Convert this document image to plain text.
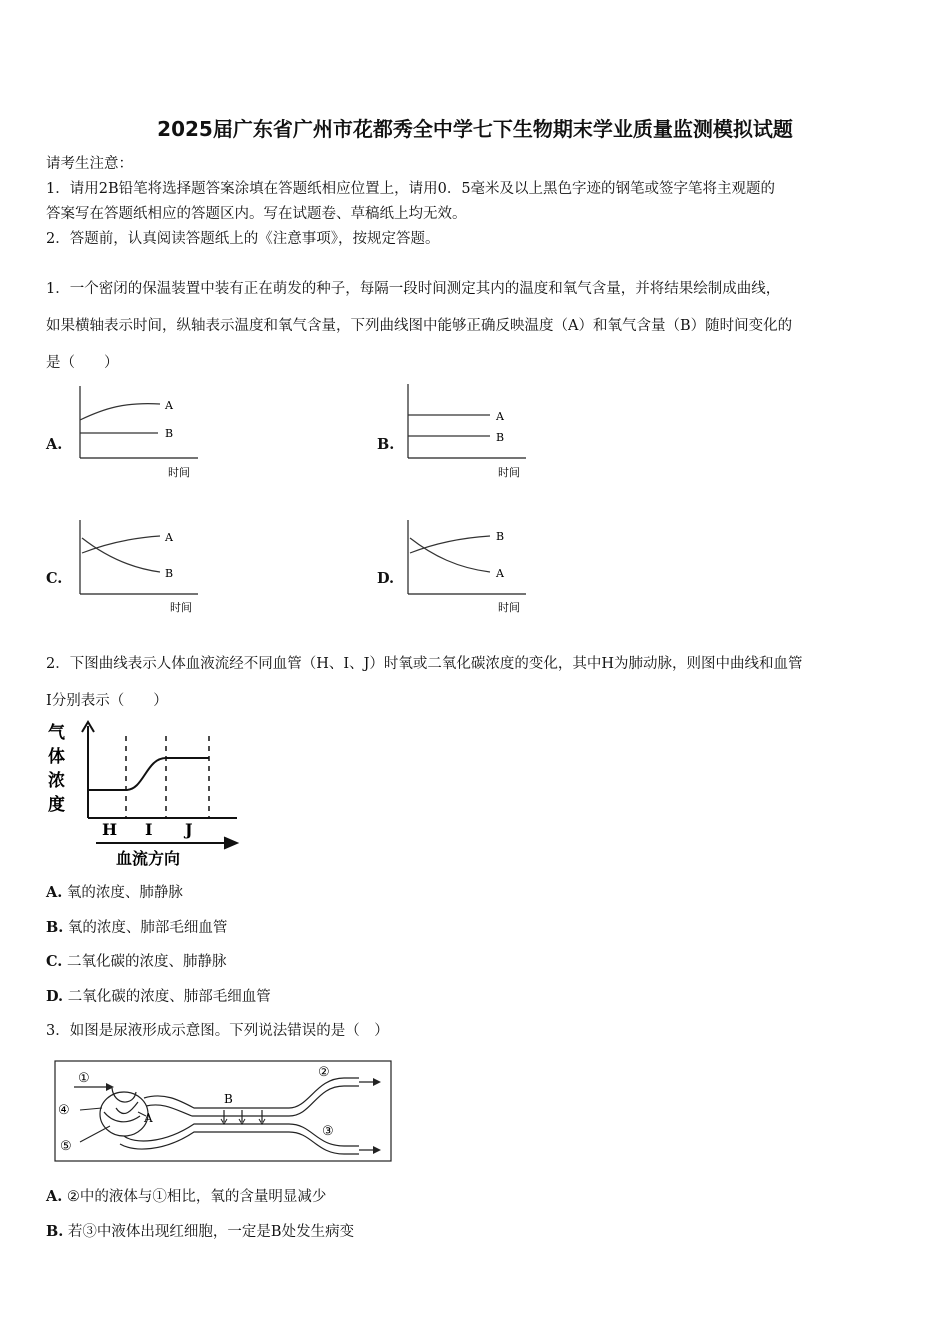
2025届广东省广州市花都秀全中学七下生物期末学业质量监测模拟试题
请考生注意：
1．请用2B铅笔将选择题答案涂填在答题纸相应位置上，请用0．5毫米及以上黑色字迹的钢笔或签字笔将主观题的
答案写在答题纸相应的答题区内。写在试题卷、草稿纸上均无效。
2．答题前，认真阅读答题纸上的《注意事项》，按规定答题。
1．一个密闭的保温装置中装有正在萌发的种子，每隔一段时间测定其内的温度和氧气含量，并将结果绘制成曲线，
如果横轴表示时间，纵轴表示温度和氧气含量，下列曲线图中能够正确反映温度（A）和氧气含量（B）随时间变化的
是（　　）
A.
A
B
时间
B.
A
B
时间
C.
A
B
时间
D.
B
A
时间
2．下图曲线表示人体血液流经不同血管（H、I、J）时氧或二氧化碳浓度的变化，其中H为肺动脉，则图中曲线和血管
I分别表示（　　）
气
体
浓
度
H I J
血流方向
A. 氧的浓度、肺静脉
B. 氧的浓度、肺部毛细血管
C. 二氧化碳的浓度、肺静脉
D. 二氧化碳的浓度、肺部毛细血管
3．如图是尿液形成示意图。下列说法错误的是（　）
①	②
③
④
⑤
A
B
A. ②中的液体与①相比，氧的含量明显减少
B. 若③中液体出现红细胞，一定是B处发生病变
